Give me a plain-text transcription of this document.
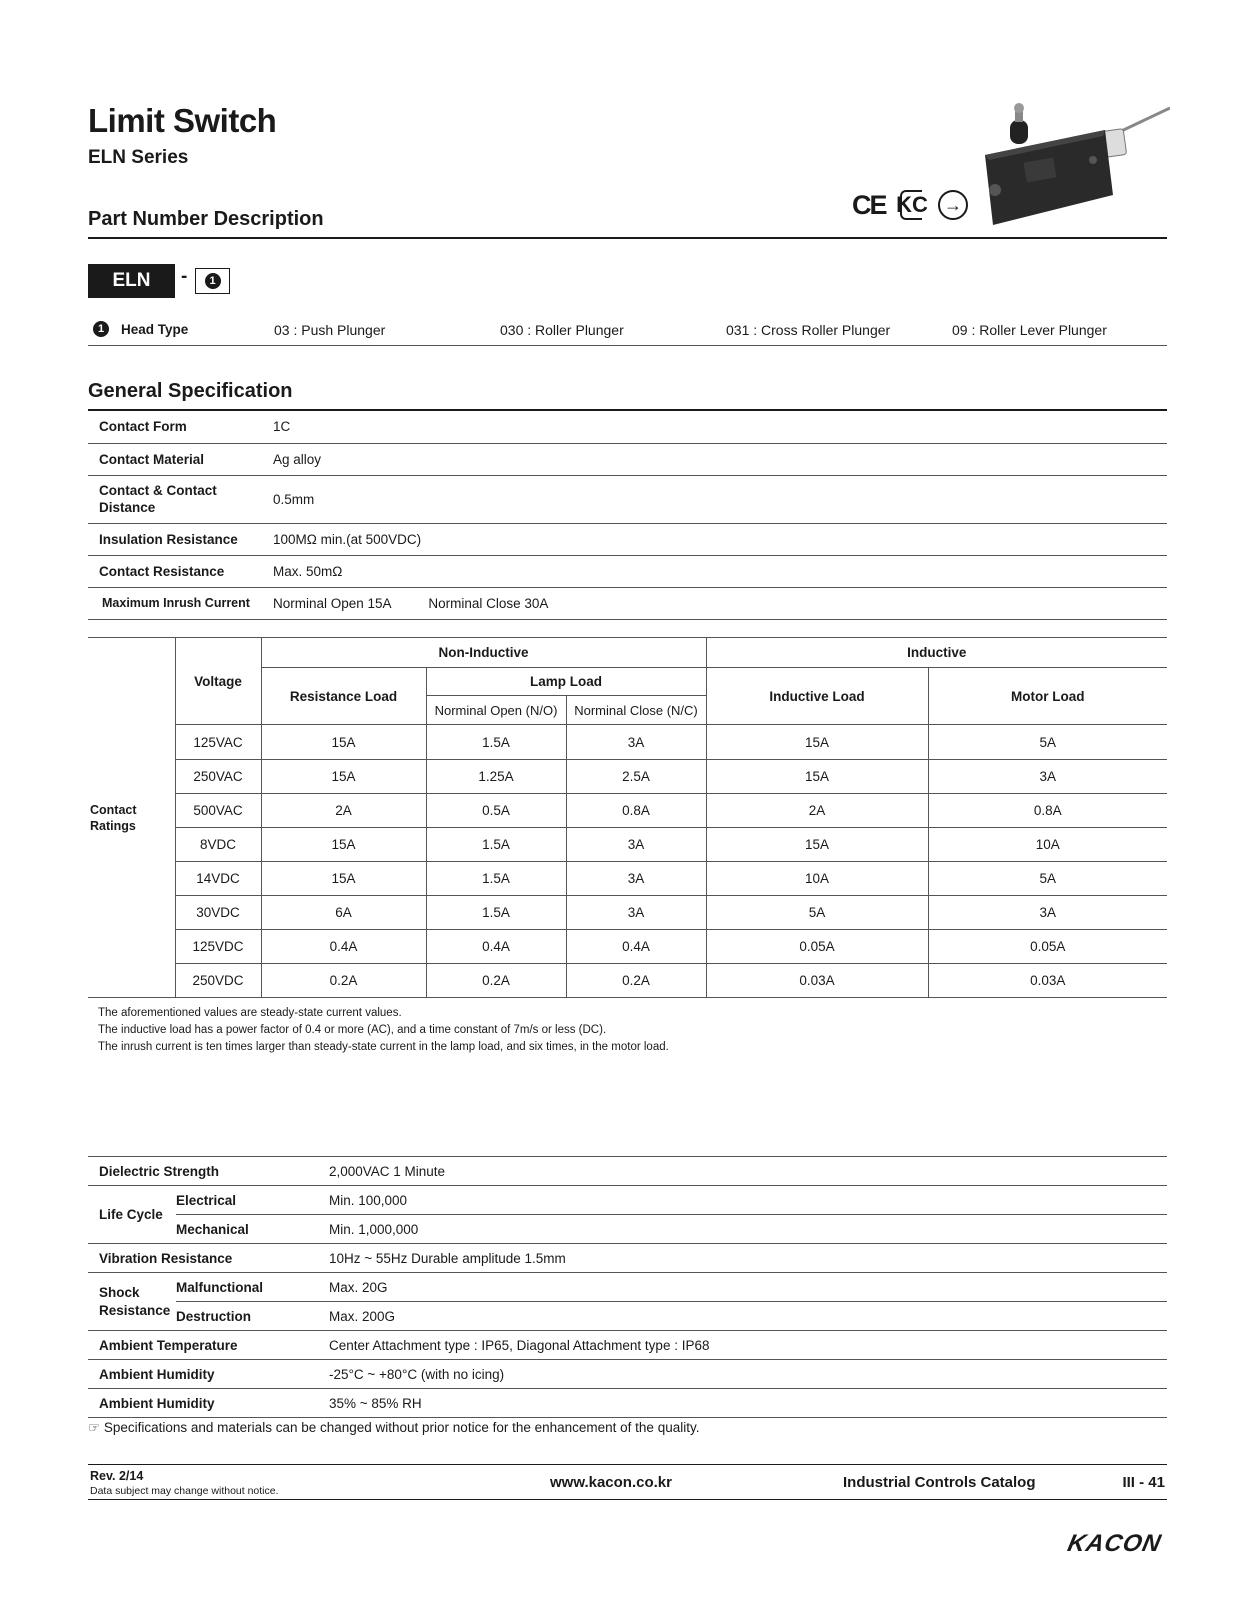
Limit Switch
ELN Series
CE KC →
Part Number Description
ELN	-	1
1	Head Type	03 : Push Plunger	030 : Roller Plunger	031 : Cross Roller Plunger	09 : Roller Lever Plunger
General Specification
Contact Form	1C
Contact Material	Ag alloy
Contact & Contact Distance	0.5mm
Insulation Resistance	100MΩ min.(at 500VDC)
Contact Resistance	Max. 50mΩ
Maximum Inrush Current	Norminal Open 15A Norminal Close 30A
Contact Ratings	Voltage	Non-Inductive			Inductive	
		Resistance Load	Lamp Load		Inductive Load	Motor Load
			Norminal Open (N/O)	Norminal Close (N/C)		
	125VAC	15A	1.5A	3A	15A	5A
	250VAC	15A	1.25A	2.5A	15A	3A
	500VAC	2A	0.5A	0.8A	2A	0.8A
	8VDC	15A	1.5A	3A	15A	10A
	14VDC	15A	1.5A	3A	10A	5A
	30VDC	6A	1.5A	3A	5A	3A
	125VDC	0.4A	0.4A	0.4A	0.05A	0.05A
	250VDC	0.2A	0.2A	0.2A	0.03A	0.03A
The aforementioned values are steady-state current values.
The inductive load has a power factor of 0.4 or more (AC), and a time constant of 7m/s or less (DC).
The inrush current is ten times larger than steady-state current in the lamp load, and six times, in the motor load.
Dielectric Strength		2,000VAC 1 Minute
Life Cycle	Electrical	Min. 100,000
	Mechanical	Min. 1,000,000
Vibration Resistance		10Hz ~ 55Hz Durable amplitude 1.5mm
Shock Resistance	Malfunctional	Max. 20G
	Destruction	Max. 200G
Ambient Temperature		Center Attachment type : IP65, Diagonal Attachment type : IP68
Ambient Humidity		-25°C ~ +80°C (with no icing)
Ambient Humidity		35% ~ 85% RH
☞ Specifications and materials can be changed without prior notice for the enhancement of the quality.
Rev. 2/14
Data subject may change without notice.	www.kacon.co.kr	Industrial Controls Catalog	III - 41
KACON
